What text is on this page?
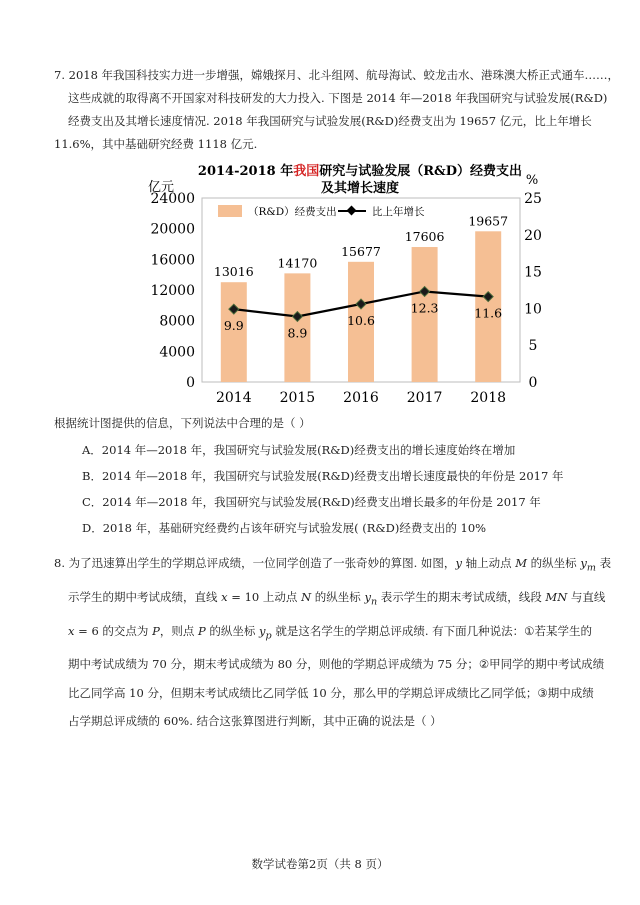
7. 2018 年我国科技实力进一步增强，嫦娥探月、北斗组网、航母海试、蛟龙击水、港珠澳大桥正式通车……，
这些成就的取得离不开国家对科技研发的大力投入. 下图是 2014 年—2018 年我国研究与试验发展(R&D)
经费支出及其增长速度情况. 2018 年我国研究与试验发展(R&D)经费支出为 19657 亿元，比上年增长
11.6%，其中基础研究经费 1118 亿元.
2014-2018 年我国研究与试验发展（R&D）经费支出
及其增长速度
亿元	%
0
4000
8000
12000
16000
20000
24000
0
5
10
15
20
25
13016
2014
14170
2015
15677
2016
17606
2017
19657
2018
9.9	8.9
10.6
12.3	11.6
（R&D）经费支出	比上年增长
根据统计图提供的信息，下列说法中合理的是（ ）
A．2014 年—2018 年，我国研究与试验发展(R&D)经费支出的增长速度始终在增加
B．2014 年—2018 年，我国研究与试验发展(R&D)经费支出增长速度最快的年份是 2017 年
C．2014 年—2018 年，我国研究与试验发展(R&D)经费支出增长最多的年份是 2017 年
D．2018 年，基础研究经费约占该年研究与试验发展( (R&D)经费支出的 10%
8. 为了迅速算出学生的学期总评成绩，一位同学创造了一张奇妙的算图. 如图，y 轴上动点 M 的纵坐标 $y_m$ 表
示学生的期中考试成绩，直线 x = 10 上动点 N 的纵坐标 $y_n$ 表示学生的期末考试成绩，线段 MN 与直线
x = 6 的交点为 P，则点 P 的纵坐标 $y_p$ 就是这名学生的学期总评成绩. 有下面几种说法：①若某学生的
期中考试成绩为 70 分，期末考试成绩为 80 分，则他的学期总评成绩为 75 分；②甲同学的期中考试成绩
比乙同学高 10 分，但期末考试成绩比乙同学低 10 分，那么甲的学期总评成绩比乙同学低；③期中成绩
占学期总评成绩的 60%. 结合这张算图进行判断，其中正确的说法是（ ）
数学试卷第2页（共 8 页）
